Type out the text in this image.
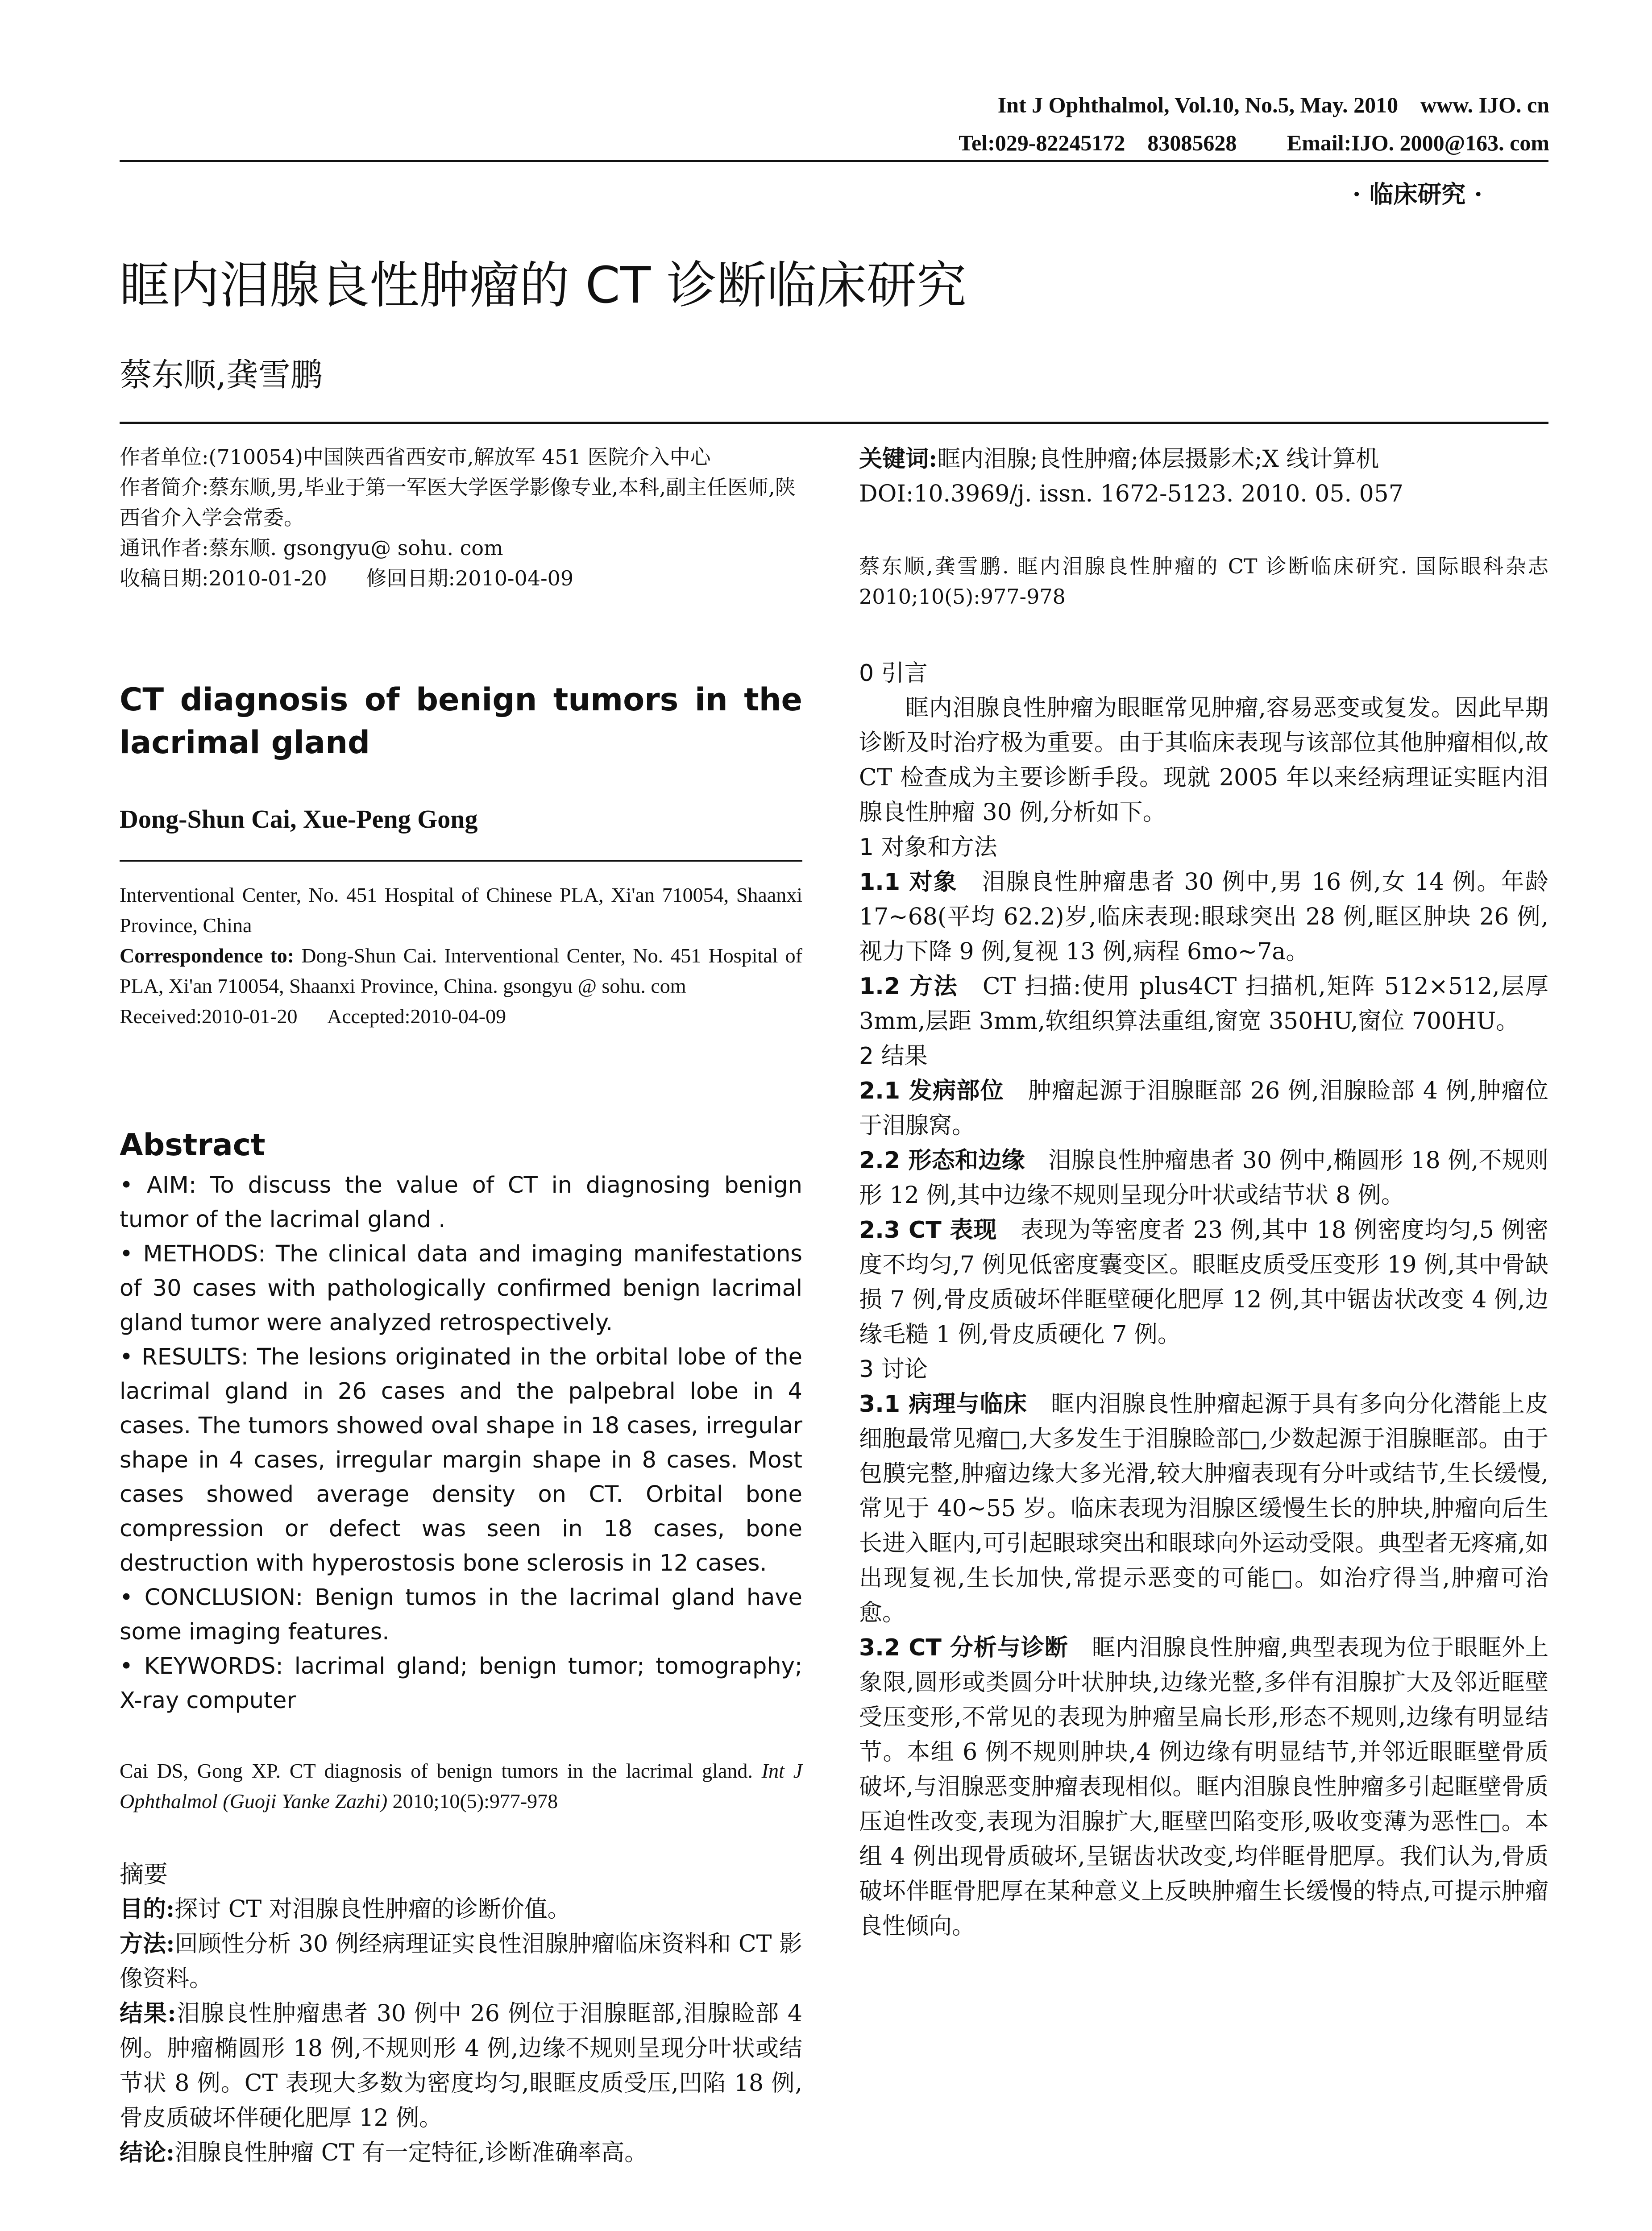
Int J Ophthalmol, Vol.10, No.5, May. 2010    www. IJO. cn
Tel:029-82245172    83085628         Email:IJO. 2000@163. com
· 临床研究 ·
眶内泪腺良性肿瘤的 CT 诊断临床研究
蔡东顺,龚雪鹏

作者单位:(710054)中国陕西省西安市,解放军 451 医院介入中心

作者简介:蔡东顺,男,毕业于第一军医大学医学影像专业,本科,副主任医师,陕西省介入学会常委。

通讯作者:蔡东顺. gsongyu@ sohu. com

收稿日期:2010-01-20      修回日期:2010-04-09

CT diagnosis of benign tumors in the lacrimal gland
Dong-Shun Cai, Xue-Peng Gong

Interventional Center, No. 451 Hospital of Chinese PLA, Xi'an 710054, Shaanxi Province, China

Correspondence to: Dong-Shun Cai. Interventional Center, No. 451 Hospital of PLA, Xi'an 710054, Shaanxi Province, China. gsongyu @ sohu. com

Received:2010-01-20      Accepted:2010-04-09

Abstract

• AIM: To discuss the value of CT in diagnosing benign tumor of the lacrimal gland .

• METHODS: The clinical data and imaging manifestations of 30 cases with pathologically confirmed benign lacrimal gland tumor were analyzed retrospectively.

• RESULTS: The lesions originated in the orbital lobe of the lacrimal gland in 26 cases and the palpebral lobe in 4 cases. The tumors showed oval shape in 18 cases, irregular shape in 4 cases, irregular margin shape in 8 cases. Most cases showed average density on CT. Orbital bone compression or defect was seen in 18 cases, bone destruction with hyperostosis bone sclerosis in 12 cases.

• CONCLUSION: Benign tumos in the lacrimal gland have some imaging features.

• KEYWORDS: lacrimal gland; benign tumor; tomography; X-ray computer

Cai DS, Gong XP. CT diagnosis of benign tumors in the lacrimal gland. Int J Ophthalmol (Guoji Yanke Zazhi) 2010;10(5):977-978
摘要

目的:探讨 CT 对泪腺良性肿瘤的诊断价值。

方法:回顾性分析 30 例经病理证实良性泪腺肿瘤临床资料和 CT 影像资料。

结果:泪腺良性肿瘤患者 30 例中 26 例位于泪腺眶部,泪腺睑部 4 例。肿瘤椭圆形 18 例,不规则形 4 例,边缘不规则呈现分叶状或结节状 8 例。CT 表现大多数为密度均匀,眼眶皮质受压,凹陷 18 例,骨皮质破坏伴硬化肥厚 12 例。

结论:泪腺良性肿瘤 CT 有一定特征,诊断准确率高。

关键词:眶内泪腺;良性肿瘤;体层摄影术;X 线计算机

DOI:10.3969/j. issn. 1672-5123. 2010. 05. 057

蔡东顺,龚雪鹏. 眶内泪腺良性肿瘤的 CT 诊断临床研究. 国际眼科杂志 2010;10(5):977-978

0 引言

眶内泪腺良性肿瘤为眼眶常见肿瘤,容易恶变或复发。因此早期诊断及时治疗极为重要。由于其临床表现与该部位其他肿瘤相似,故 CT 检查成为主要诊断手段。现就 2005 年以来经病理证实眶内泪腺良性肿瘤 30 例,分析如下。

1 对象和方法

1.1 对象　 泪腺良性肿瘤患者 30 例中,男 16 例,女 14 例。年龄 17~68(平均 62.2)岁,临床表现:眼球突出 28 例,眶区肿块 26 例,视力下降 9 例,复视 13 例,病程 6mo~7a。

1.2 方法　 CT 扫描:使用 plus4CT 扫描机,矩阵 512×512,层厚 3mm,层距 3mm,软组织算法重组,窗宽 350HU,窗位 700HU。

2 结果

2.1 发病部位　 肿瘤起源于泪腺眶部 26 例,泪腺睑部 4 例,肿瘤位于泪腺窝。

2.2 形态和边缘　 泪腺良性肿瘤患者 30 例中,椭圆形 18 例,不规则形 12 例,其中边缘不规则呈现分叶状或结节状 8 例。

2.3 CT 表现　 表现为等密度者 23 例,其中 18 例密度均匀,5 例密度不均匀,7 例见低密度囊变区。眼眶皮质受压变形 19 例,其中骨缺损 7 例,骨皮质破坏伴眶壁硬化肥厚 12 例,其中锯齿状改变 4 例,边缘毛糙 1 例,骨皮质硬化 7 例。

3 讨论

3.1 病理与临床　 眶内泪腺良性肿瘤起源于具有多向分化潜能上皮细胞最常见瘤□,大多发生于泪腺睑部□,少数起源于泪腺眶部。由于包膜完整,肿瘤边缘大多光滑,较大肿瘤表现有分叶或结节,生长缓慢,常见于 40~55 岁。临床表现为泪腺区缓慢生长的肿块,肿瘤向后生长进入眶内,可引起眼球突出和眼球向外运动受限。典型者无疼痛,如出现复视,生长加快,常提示恶变的可能□。如治疗得当,肿瘤可治愈。

3.2 CT 分析与诊断　 眶内泪腺良性肿瘤,典型表现为位于眼眶外上象限,圆形或类圆分叶状肿块,边缘光整,多伴有泪腺扩大及邻近眶壁受压变形,不常见的表现为肿瘤呈扁长形,形态不规则,边缘有明显结节。本组 6 例不规则肿块,4 例边缘有明显结节,并邻近眼眶壁骨质破坏,与泪腺恶变肿瘤表现相似。眶内泪腺良性肿瘤多引起眶壁骨质压迫性改变,表现为泪腺扩大,眶壁凹陷变形,吸收变薄为恶性□。本组 4 例出现骨质破坏,呈锯齿状改变,均伴眶骨肥厚。我们认为,骨质破坏伴眶骨肥厚在某种意义上反映肿瘤生长缓慢的特点,可提示肿瘤良性倾向。
